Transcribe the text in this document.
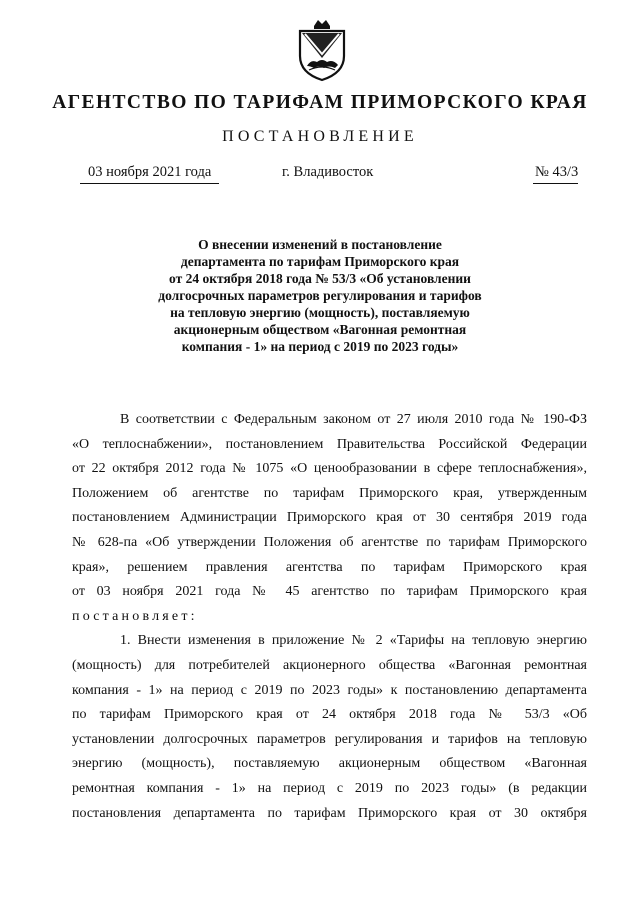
АГЕНТСТВО ПО ТАРИФАМ ПРИМОРСКОГО КРАЯ
ПОСТАНОВЛЕНИЕ
03 ноября 2021 года	г. Владивосток	№ 43/3
О внесении изменений в постановление
департамента по тарифам Приморского края
от 24 октября 2018 года № 53/3 «Об установлении
долгосрочных параметров регулирования и тарифов
на тепловую энергию (мощность), поставляемую
акционерным обществом «Вагонная ремонтная
компания - 1» на период с 2019 по 2023 годы»
В соответствии с Федеральным законом от 27 июля 2010 года № 190-ФЗ
«О теплоснабжении», постановлением Правительства Российской Федерации
от 22 октября 2012 года № 1075 «О ценообразовании в сфере теплоснабжения»,
Положением об агентстве по тарифам Приморского края, утвержденным
постановлением Администрации Приморского края от 30 сентября 2019 года
№ 628-па «Об утверждении Положения об агентстве по тарифам Приморского
края», решением правления агентства по тарифам Приморского края
от 03 ноября 2021 года № 45 агентство по тарифам Приморского края
постановляет:
1. Внести изменения в приложение № 2 «Тарифы на тепловую энергию
(мощность) для потребителей акционерного общества «Вагонная ремонтная
компания - 1» на период с 2019 по 2023 годы» к постановлению департамента
по тарифам Приморского края от 24 октября 2018 года № 53/3 «Об
установлении долгосрочных параметров регулирования и тарифов на тепловую
энергию (мощность), поставляемую акционерным обществом «Вагонная
ремонтная компания - 1» на период с 2019 по 2023 годы» (в редакции
постановления департамента по тарифам Приморского края от 30 октября
